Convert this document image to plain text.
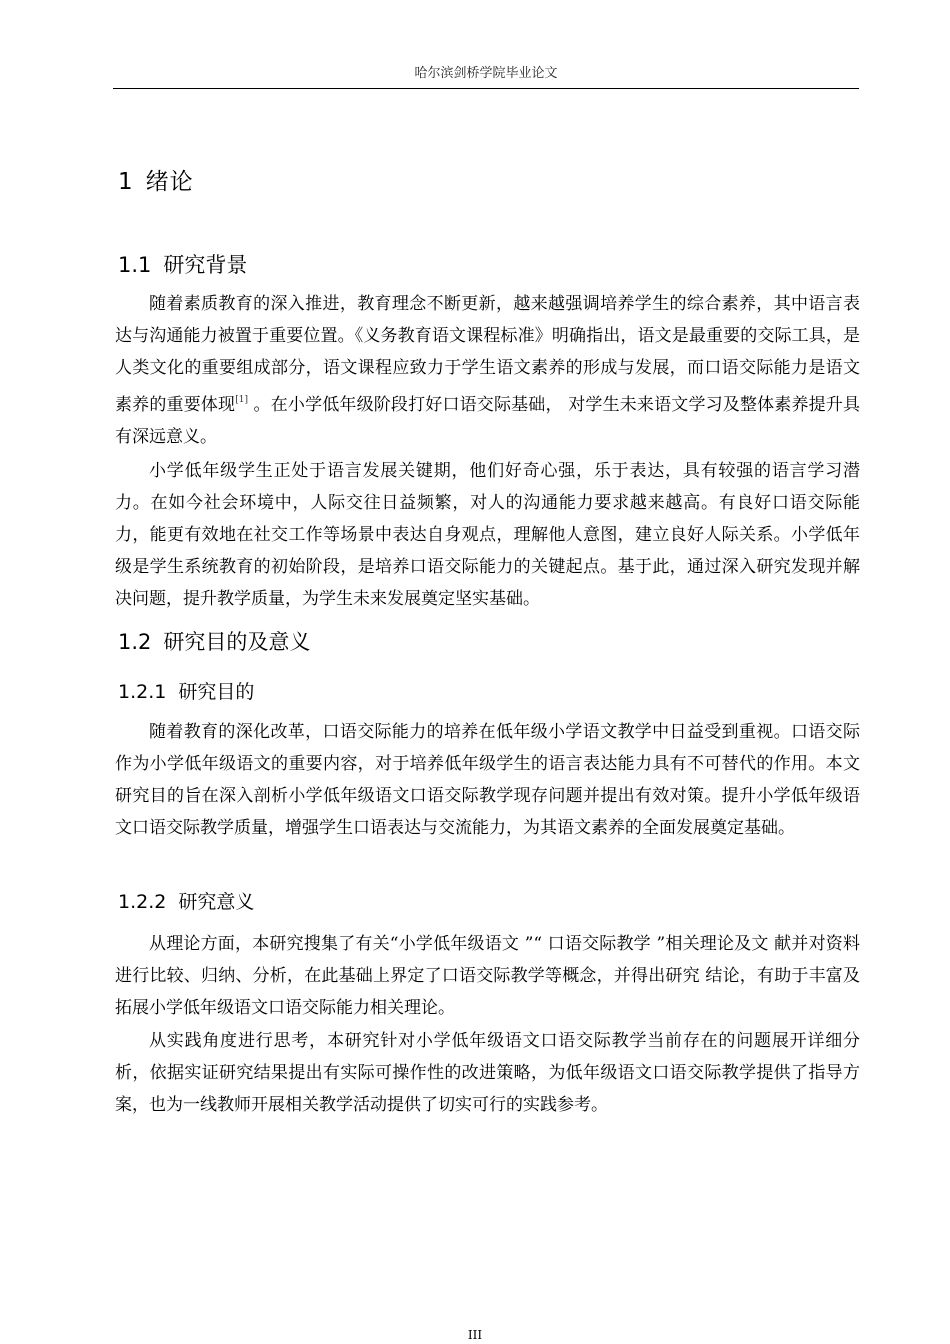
哈尔滨剑桥学院毕业论文
1 绪论
1.1 研究背景

随着素质教育的深入推进，教育理念不断更新，越来越强调培养学生的综合素养，其中语言表达与沟通能力被置于重要位置。《义务教育语文课程标准》明确指出，语文是最重要的交际工具，是人类文化的重要组成部分，语文课程应致力于学生语文素养的形成与发展，而口语交际能力是语文素养的重要体现[1] 。在小学低年级阶段打好口语交际基础， 对学生未来语文学习及整体素养提升具有深远意义。

小学低年级学生正处于语言发展关键期，他们好奇心强，乐于表达，具有较强的语言学习潜力。在如今社会环境中，人际交往日益频繁，对人的沟通能力要求越来越高。有良好口语交际能力，能更有效地在社交工作等场景中表达自身观点，理解他人意图，建立良好人际关系。小学低年级是学生系统教育的初始阶段，是培养口语交际能力的关键起点。基于此，通过深入研究发现并解决问题，提升教学质量，为学生未来发展奠定坚实基础。

1.2 研究目的及意义
1.2.1 研究目的

随着教育的深化改革，口语交际能力的培养在低年级小学语文教学中日益受到重视。口语交际作为小学低年级语文的重要内容，对于培养低年级学生的语言表达能力具有不可替代的作用。本文研究目的旨在深入剖析小学低年级语文口语交际教学现存问题并提出有效对策。提升小学低年级语文口语交际教学质量，增强学生口语表达与交流能力，为其语文素养的全面发展奠定基础。

1.2.2 研究意义

从理论方面，本研究搜集了有关“小学低年级语文 ”“ 口语交际教学 ”相关理论及文 献并对资料进行比较、归纳、分析，在此基础上界定了口语交际教学等概念，并得出研究 结论，有助于丰富及拓展小学低年级语文口语交际能力相关理论。

从实践角度进行思考，本研究针对小学低年级语文口语交际教学当前存在的问题展开详细分析，依据实证研究结果提出有实际可操作性的改进策略，为低年级语文口语交际教学提供了指导方案，也为一线教师开展相关教学活动提供了切实可行的实践参考。

III
